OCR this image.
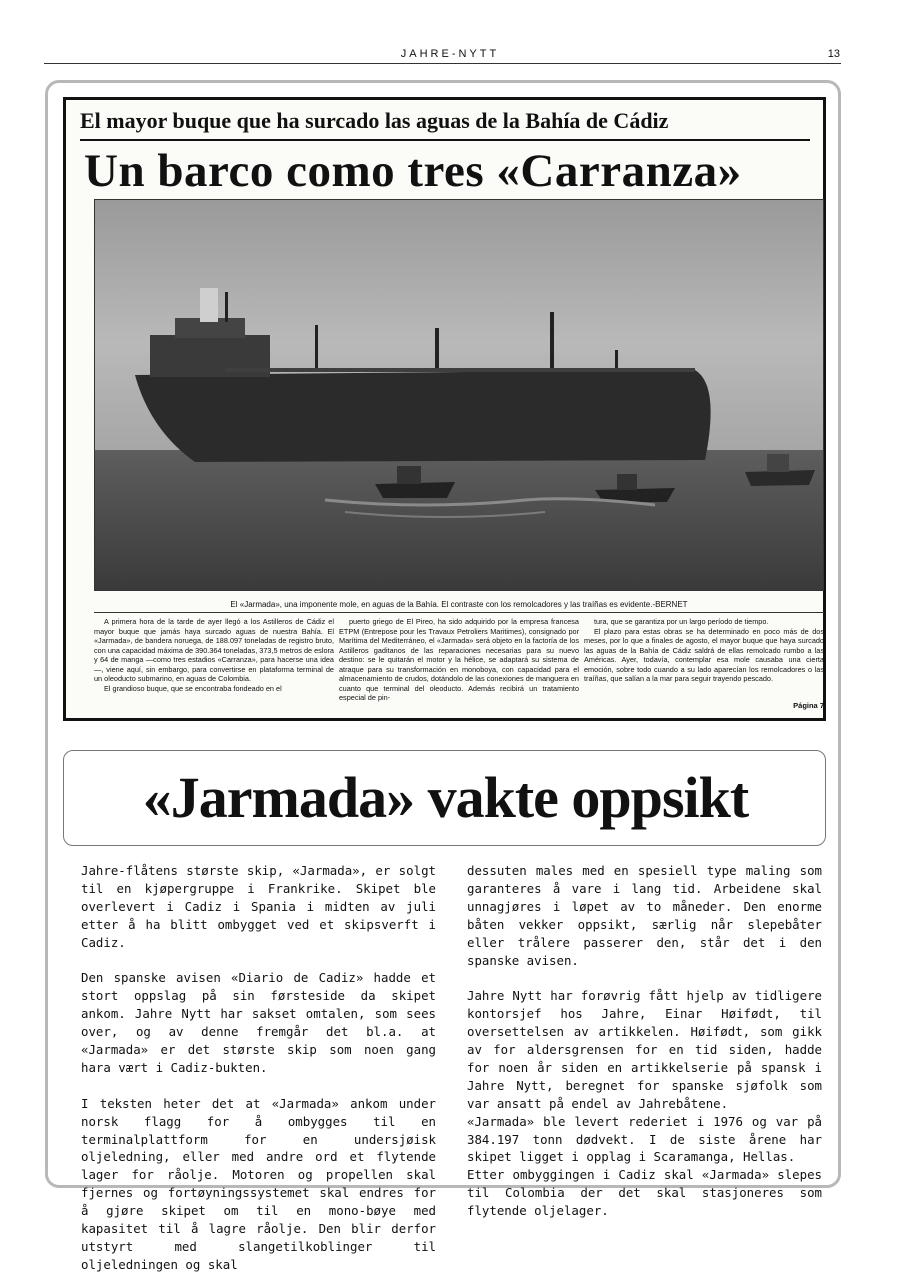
JAHRE-NYTT	13
El mayor buque que ha surcado las aguas de la Bahía de Cádiz
Un barco como tres «Carranza»
El «Jarmada», una imponente mole, en aguas de la Bahía. El contraste con los remolcadores y las traíñas es evidente.-BERNET

A primera hora de la tarde de ayer llegó a los Astilleros de Cádiz el mayor buque que jamás haya surcado aguas de nuestra Bahía. El «Jarmada», de bandera noruega, de 188.097 toneladas de registro bruto, con una capacidad máxima de 390.364 toneladas, 373,5 metros de eslora y 64 de manga —como tres estadios «Carranza», para hacerse una idea—, viene aquí, sin embargo, para convertirse en plataforma terminal de un oleoducto submarino, en aguas de Colombia.

El grandioso buque, que se encontraba fondeado en el

puerto griego de El Pireo, ha sido adquirido por la empresa francesa ETPM (Entrepose pour les Travaux Petroliers Maritimes), consignado por Marítima del Mediterráneo, el «Jarmada» será objeto en la factoría de los Astilleros gaditanos de las reparaciones necesarias para su nuevo destino: se le quitarán el motor y la hélice, se adaptará su sistema de atraque para su transformación en monoboya, con capacidad para el almacenamiento de crudos, dotándolo de las conexiones de manguera en cuanto que terminal del oleoducto. Además recibirá un tratamiento especial de pin-

tura, que se garantiza por un largo período de tiempo.

El plazo para estas obras se ha determinado en poco más de dos meses, por lo que a finales de agosto, el mayor buque que haya surcado las aguas de la Bahía de Cádiz saldrá de ellas remolcado rumbo a las Américas. Ayer, todavía, contemplar esa mole causaba una cierta emoción, sobre todo cuando a su lado aparecían los remolcadores o las traíñas, que salían a la mar para seguir trayendo pescado.

Página 7
«Jarmada» vakte oppsikt

Jahre-flåtens største skip, «Jarmada», er solgt til en kjøpergruppe i Frankrike. Skipet ble overlevert i Cadiz i Spania i midten av juli etter å ha blitt ombygget ved et skipsverft i Cadiz.

Den spanske avisen «Diario de Cadiz» hadde et stort oppslag på sin førsteside da skipet ankom. Jahre Nytt har sakset omtalen, som sees over, og av denne fremgår det bl.a. at «Jarmada» er det største skip som noen gang hara vært i Cadiz-bukten.

I teksten heter det at «Jarmada» ankom under norsk flagg for å ombygges til en terminalplattform for en undersjøisk oljeledning, eller med andre ord et flytende lager for råolje. Motoren og propellen skal fjernes og fortøyningssystemet skal endres for å gjøre skipet om til en mono-bøye med kapasitet til å lagre råolje. Den blir derfor utstyrt med slangetilkoblinger til oljeledningen og skal

dessuten males med en spesiell type maling som garanteres å vare i lang tid. Arbeidene skal unnagjøres i løpet av to måneder. Den enorme båten vekker oppsikt, særlig når slepebåter eller trålere passerer den, står det i den spanske avisen.

Jahre Nytt har forøvrig fått hjelp av tidligere kontorsjef hos Jahre, Einar Høifødt, til oversettelsen av artikkelen. Høifødt, som gikk av for aldersgrensen for en tid siden, hadde for noen år siden en artikkelserie på spansk i Jahre Nytt, beregnet for spanske sjøfolk som var ansatt på endel av Jahrebåtene.

«Jarmada» ble levert rederiet i 1976 og var på 384.197 tonn dødvekt. I de siste årene har skipet ligget i opplag i Scaramanga, Hellas.

Etter ombyggingen i Cadiz skal «Jarmada» slepes til Colombia der det skal stasjoneres som flytende oljelager.
